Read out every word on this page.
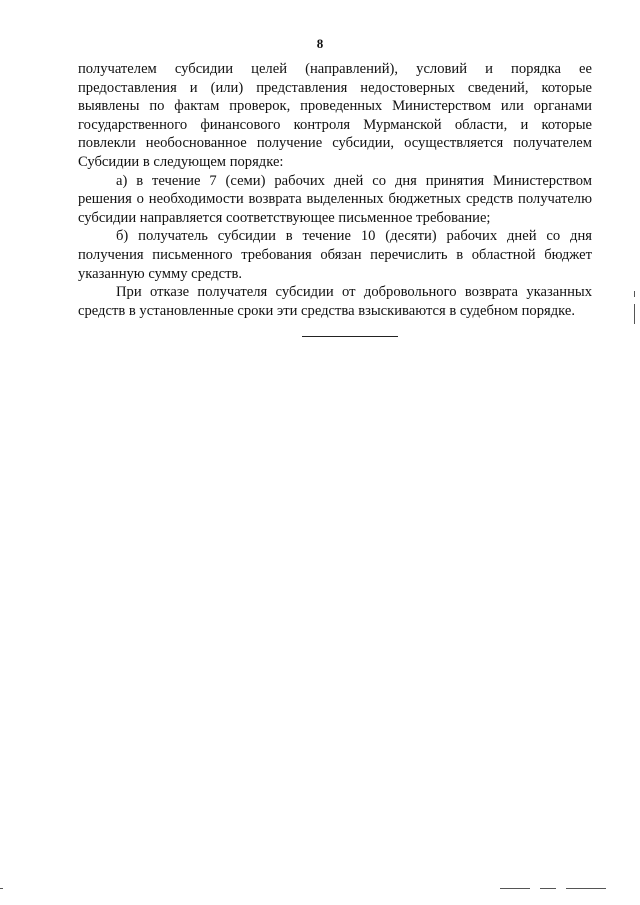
8

получателем субсидии целей (направлений), условий и порядка ее предоставления и (или) представления недостоверных сведений, которые выявлены по фактам проверок, проведенных Министерством или органами государственного финансового контроля Мурманской области, и которые повлекли необоснованное получение субсидии, осуществляется получателем Субсидии в следующем порядке:

а) в течение 7 (семи) рабочих дней со дня принятия Министерством решения о необходимости возврата выделенных бюджетных средств получателю субсидии направляется соответствующее письменное требование;

б) получатель субсидии в течение 10 (десяти) рабочих дней со дня получения письменного требования обязан перечислить в областной бюджет указанную сумму средств.

При отказе получателя субсидии от добровольного возврата указанных средств в установленные сроки эти средства взыскиваются в судебном порядке.
